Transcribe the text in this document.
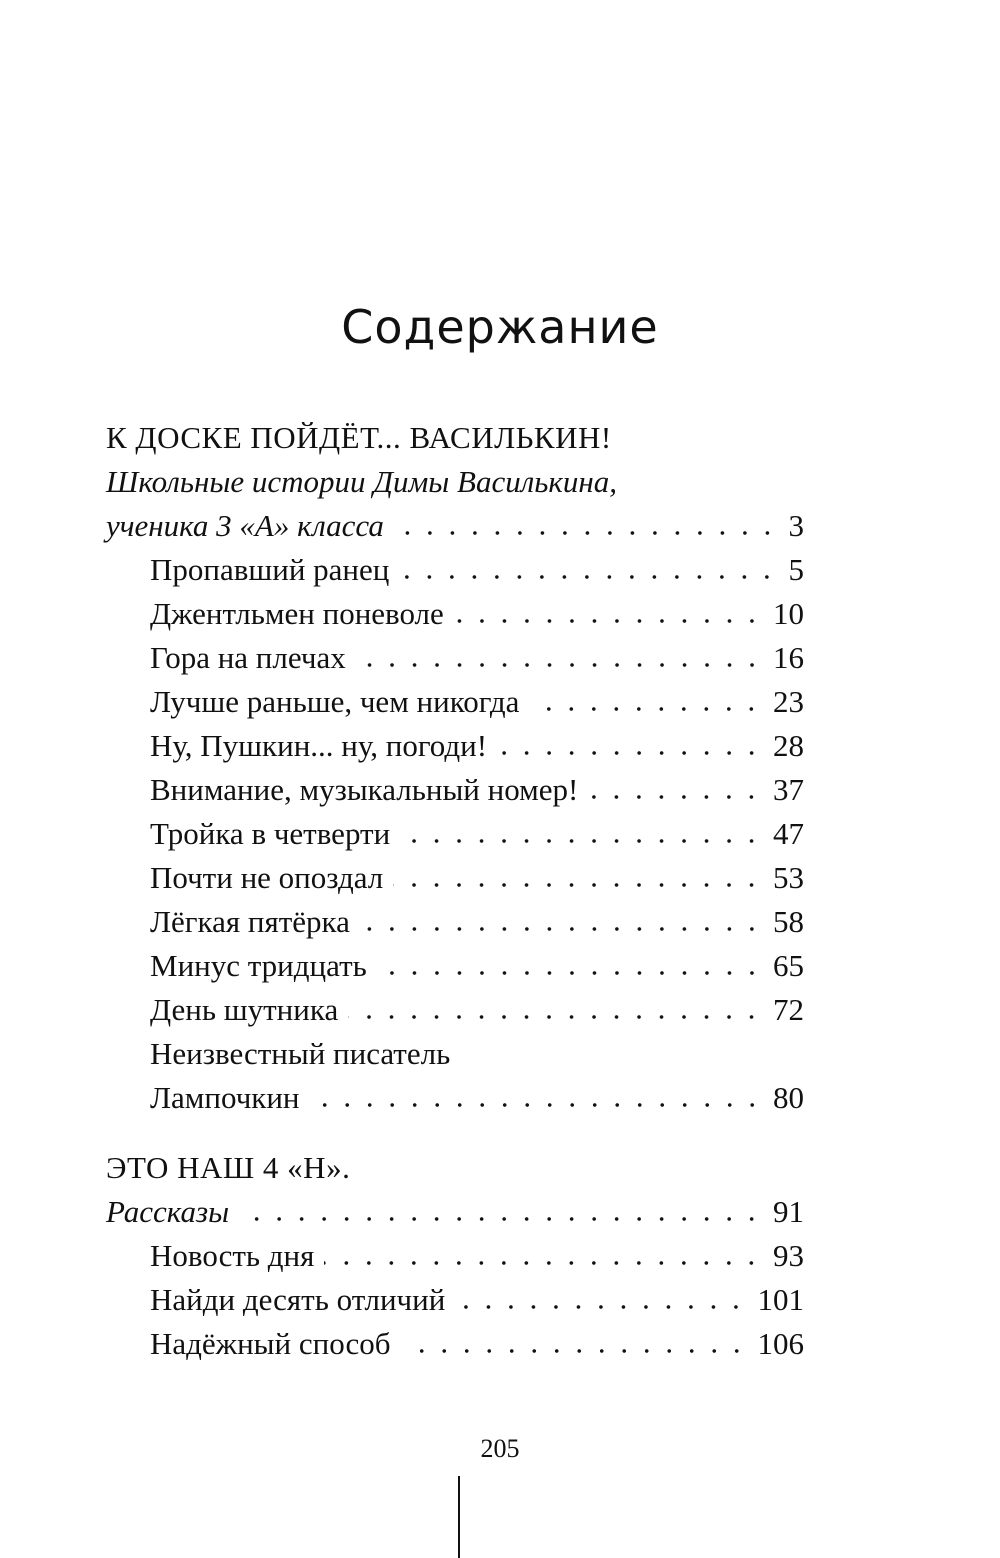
Содержание
К ДОСКЕ ПОЙДЁТ... ВАСИЛЬКИН!
Школьные истории Димы Василькина,
ученика 3 «А» класса	3
Пропавший ранец	5
Джентльмен поневоле	10
Гора на плечах	16
Лучше раньше, чем никогда	23
Ну, Пушкин... ну, погоди!	28
Внимание, музыкальный номер!	37
Тройка в четверти	47
Почти не опоздал	53
Лёгкая пятёрка	58
Минус тридцать	65
День шутника	72
Неизвестный писатель
Лампочкин	80
ЭТО НАШ 4 «Н».
Рассказы	91
Новость дня	93
Найди десять отличий	101
Надёжный способ	106
205
